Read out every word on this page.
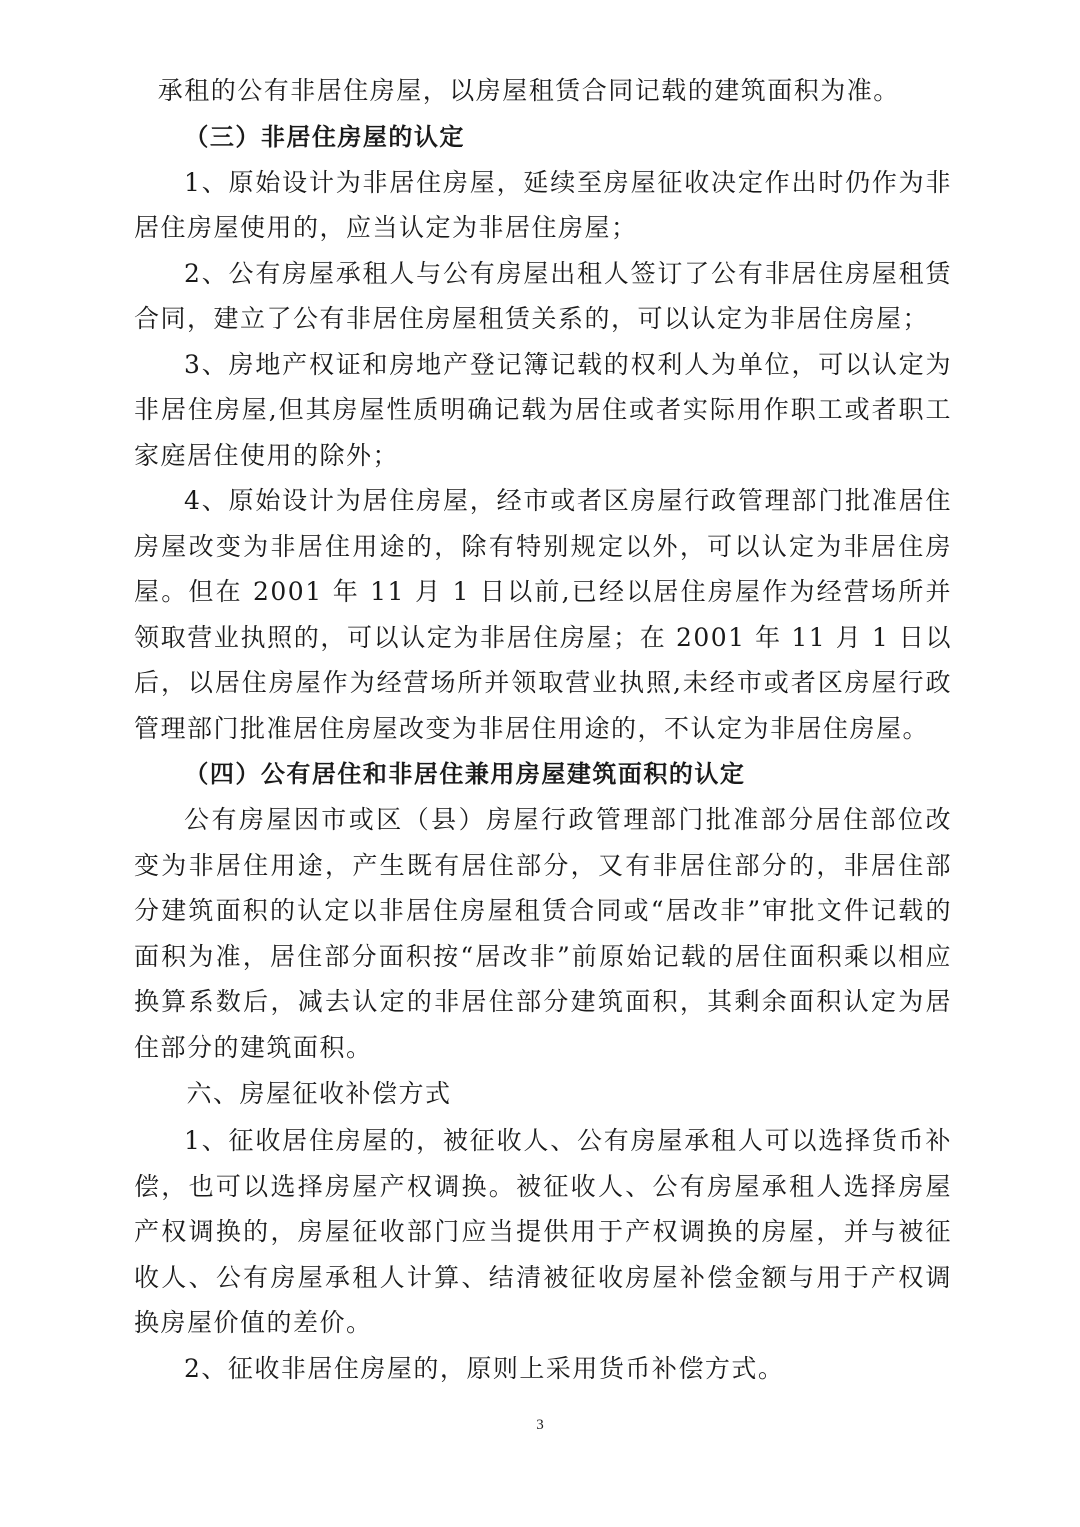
承租的公有非居住房屋，以房屋租赁合同记载的建筑面积为准。

（三）非居住房屋的认定

1、原始设计为非居住房屋，延续至房屋征收决定作出时仍作为非居住房屋使用的，应当认定为非居住房屋；

2、公有房屋承租人与公有房屋出租人签订了公有非居住房屋租赁合同，建立了公有非居住房屋租赁关系的，可以认定为非居住房屋；

3、房地产权证和房地产登记簿记载的权利人为单位，可以认定为非居住房屋,但其房屋性质明确记载为居住或者实际用作职工或者职工家庭居住使用的除外；

4、原始设计为居住房屋，经市或者区房屋行政管理部门批准居住房屋改变为非居住用途的，除有特别规定以外，可以认定为非居住房屋。但在 2001 年 11 月 1 日以前,已经以居住房屋作为经营场所并领取营业执照的，可以认定为非居住房屋；在 2001 年 11 月 1 日以后，以居住房屋作为经营场所并领取营业执照,未经市或者区房屋行政管理部门批准居住房屋改变为非居住用途的，不认定为非居住房屋。

（四）公有居住和非居住兼用房屋建筑面积的认定

公有房屋因市或区（县）房屋行政管理部门批准部分居住部位改变为非居住用途，产生既有居住部分，又有非居住部分的，非居住部分建筑面积的认定以非居住房屋租赁合同或“居改非”审批文件记载的面积为准，居住部分面积按“居改非”前原始记载的居住面积乘以相应换算系数后，减去认定的非居住部分建筑面积，其剩余面积认定为居住部分的建筑面积。

六、房屋征收补偿方式

1、征收居住房屋的，被征收人、公有房屋承租人可以选择货币补偿，也可以选择房屋产权调换。被征收人、公有房屋承租人选择房屋产权调换的，房屋征收部门应当提供用于产权调换的房屋，并与被征收人、公有房屋承租人计算、结清被征收房屋补偿金额与用于产权调换房屋价值的差价。

2、征收非居住房屋的，原则上采用货币补偿方式。

3
